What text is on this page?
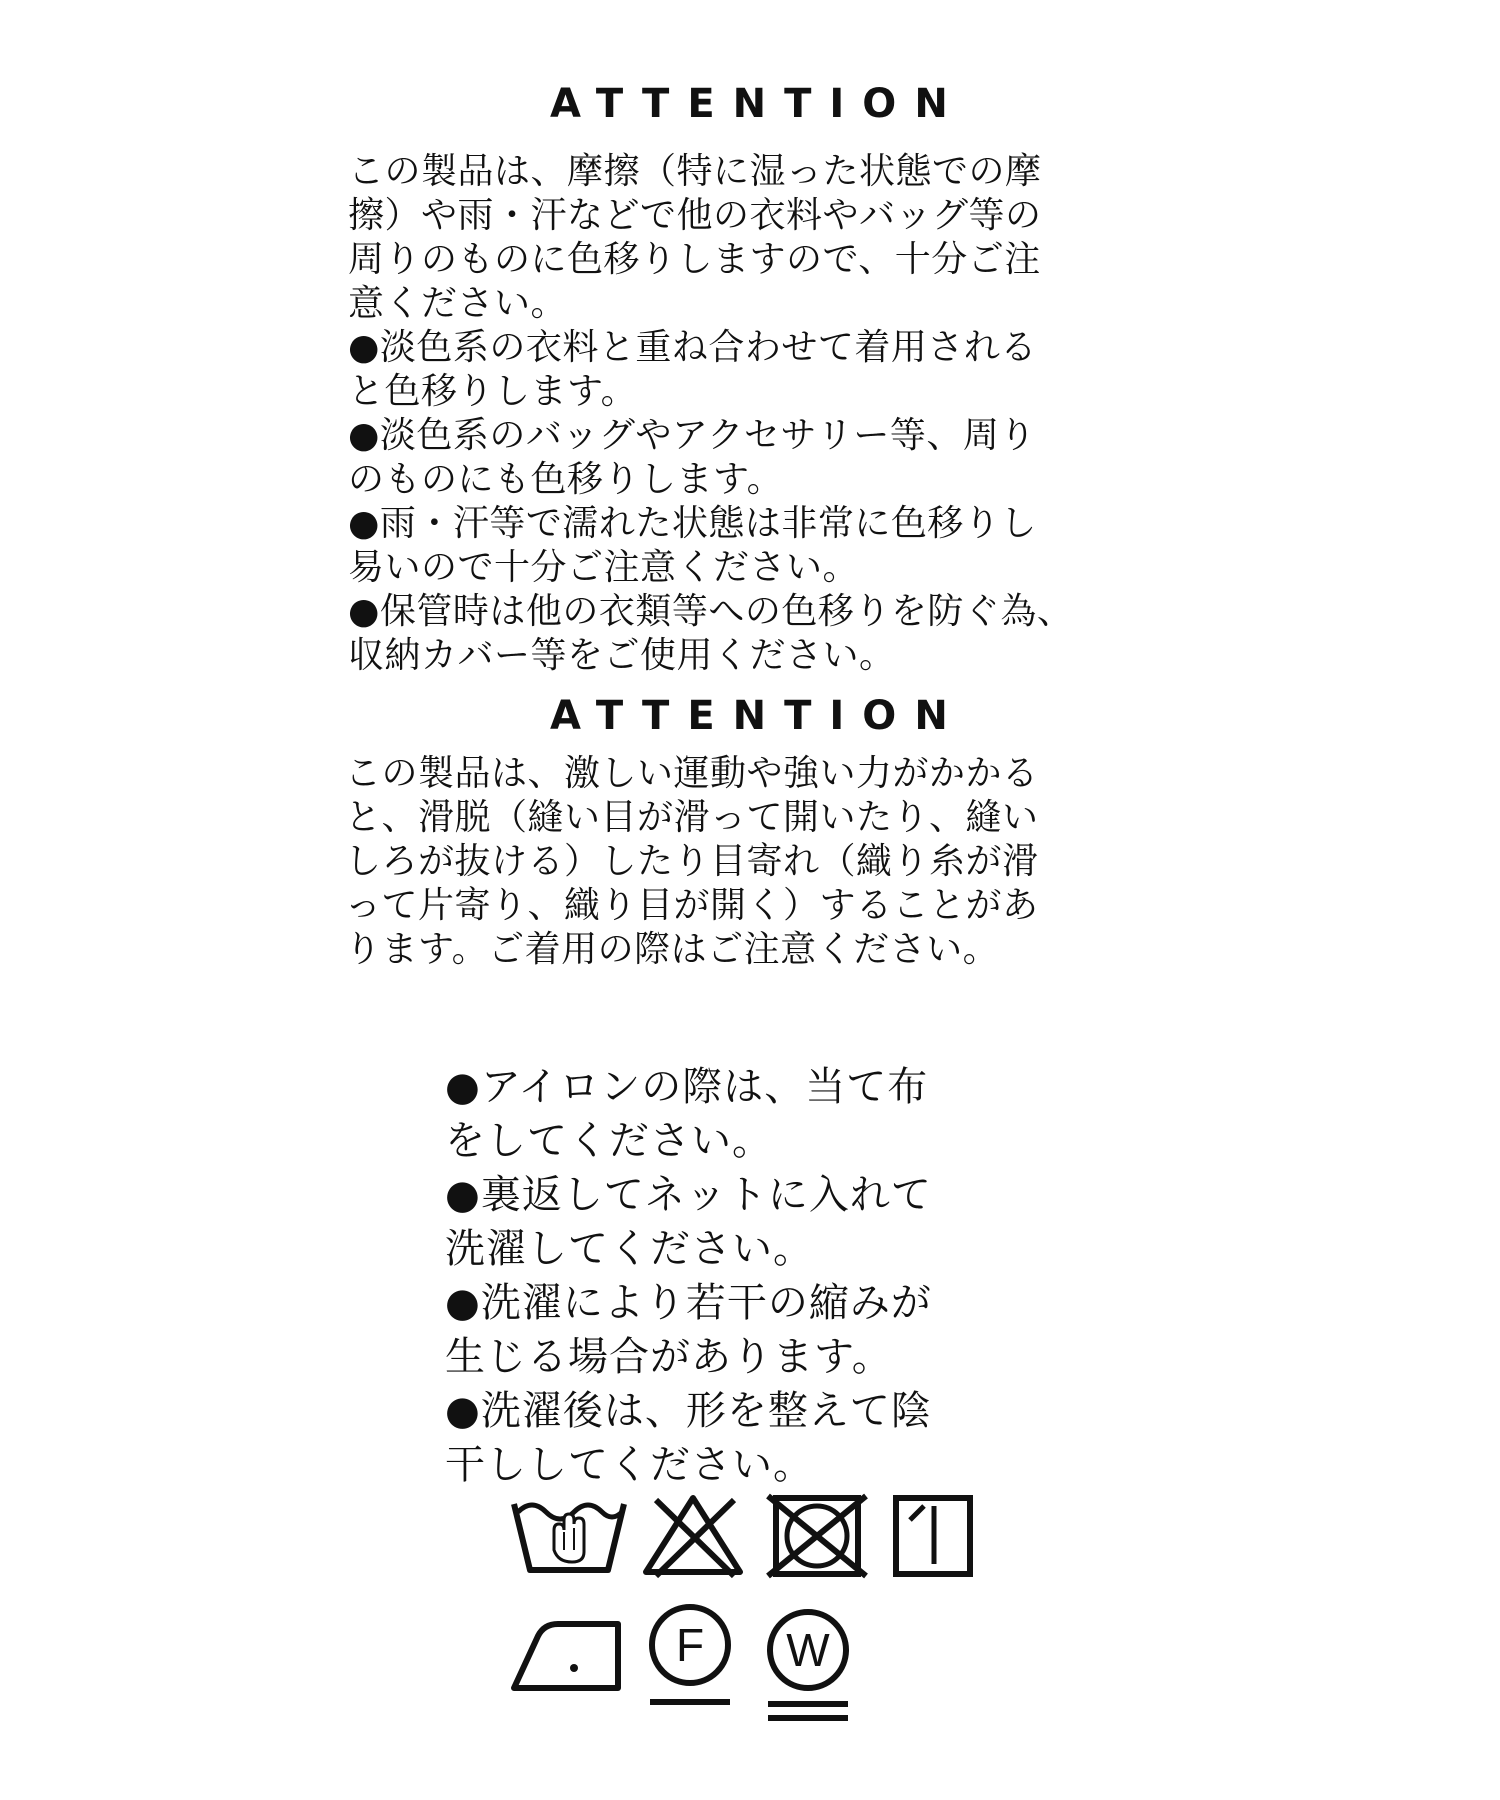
ATTENTION
この製品は、摩擦（特に湿った状態での摩
擦）や雨・汗などで他の衣料やバッグ等の
周りのものに色移りしますので、十分ご注
意ください。
●淡色系の衣料と重ね合わせて着用される
と色移りします。
●淡色系のバッグやアクセサリー等、周り
のものにも色移りします。
●雨・汗等で濡れた状態は非常に色移りし
易いので十分ご注意ください。
●保管時は他の衣類等への色移りを防ぐ為、
収納カバー等をご使用ください。
ATTENTION
この製品は、激しい運動や強い力がかかる
と、滑脱（縫い目が滑って開いたり、縫い
しろが抜ける）したり目寄れ（織り糸が滑
って片寄り、織り目が開く）することがあ
ります。ご着用の際はご注意ください。
●アイロンの際は、当て布
をしてください。
●裏返してネットに入れて
洗濯してください。
●洗濯により若干の縮みが
生じる場合があります。
●洗濯後は、形を整えて陰
干ししてください。
F W
